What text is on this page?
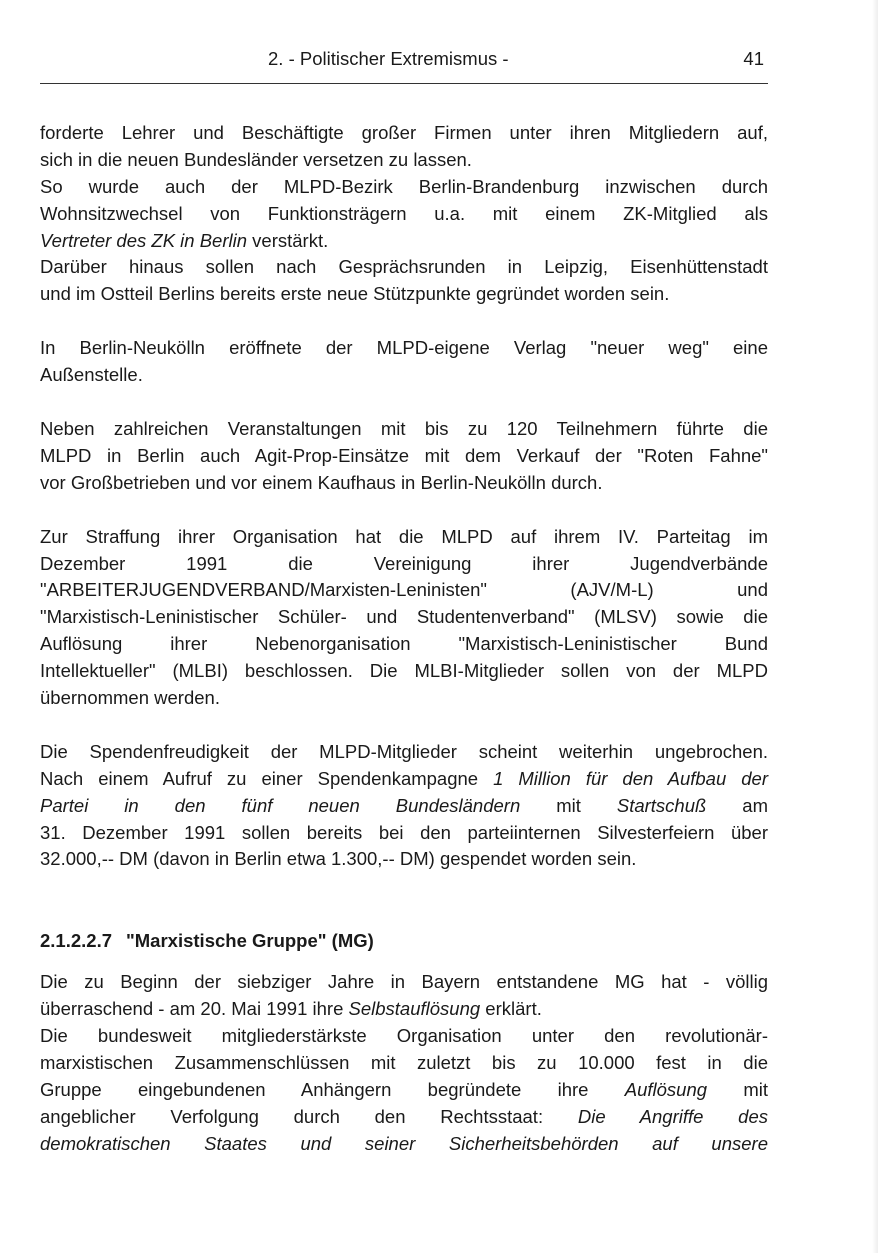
2. - Politischer Extremismus -	41
forderte Lehrer und Beschäftigte großer Firmen unter ihren Mitgliedern auf,
sich in die neuen Bundesländer versetzen zu lassen.
So wurde auch der MLPD-Bezirk Berlin-Brandenburg inzwischen durch
Wohnsitzwechsel von Funktionsträgern u.a. mit einem ZK-Mitglied als
Vertreter des ZK in Berlin verstärkt.
Darüber hinaus sollen nach Gesprächsrunden in Leipzig, Eisenhüttenstadt
und im Ostteil Berlins bereits erste neue Stützpunkte gegründet worden sein.
In Berlin-Neukölln eröffnete der MLPD-eigene Verlag "neuer weg" eine
Außenstelle.
Neben zahlreichen Veranstaltungen mit bis zu 120 Teilnehmern führte die
MLPD in Berlin auch Agit-Prop-Einsätze mit dem Verkauf der "Roten Fahne"
vor Großbetrieben und vor einem Kaufhaus in Berlin-Neukölln durch.
Zur Straffung ihrer Organisation hat die MLPD auf ihrem IV. Parteitag im
Dezember 1991 die Vereinigung ihrer Jugendverbände
"ARBEITERJUGENDVERBAND/Marxisten-Leninisten" (AJV/M-L) und
"Marxistisch-Leninistischer Schüler- und Studentenverband" (MLSV) sowie die
Auflösung ihrer Nebenorganisation "Marxistisch-Leninistischer Bund
Intellektueller" (MLBI) beschlossen. Die MLBI-Mitglieder sollen von der MLPD
übernommen werden.
Die Spendenfreudigkeit der MLPD-Mitglieder scheint weiterhin ungebrochen.
Nach einem Aufruf zu einer Spendenkampagne 1 Million für den Aufbau der
Partei in den fünf neuen Bundesländern mit Startschuß am
31. Dezember 1991 sollen bereits bei den parteiinternen Silvesterfeiern über
32.000,-- DM (davon in Berlin etwa 1.300,-- DM) gespendet worden sein.
2.1.2.2.7 "Marxistische Gruppe" (MG)
Die zu Beginn der siebziger Jahre in Bayern entstandene MG hat - völlig
überraschend - am 20. Mai 1991 ihre Selbstauflösung erklärt.
Die bundesweit mitgliederstärkste Organisation unter den revolutionär-
marxistischen Zusammenschlüssen mit zuletzt bis zu 10.000 fest in die
Gruppe eingebundenen Anhängern begründete ihre Auflösung mit
angeblicher Verfolgung durch den Rechtsstaat: Die Angriffe des
demokratischen Staates und seiner Sicherheitsbehörden auf unsere
